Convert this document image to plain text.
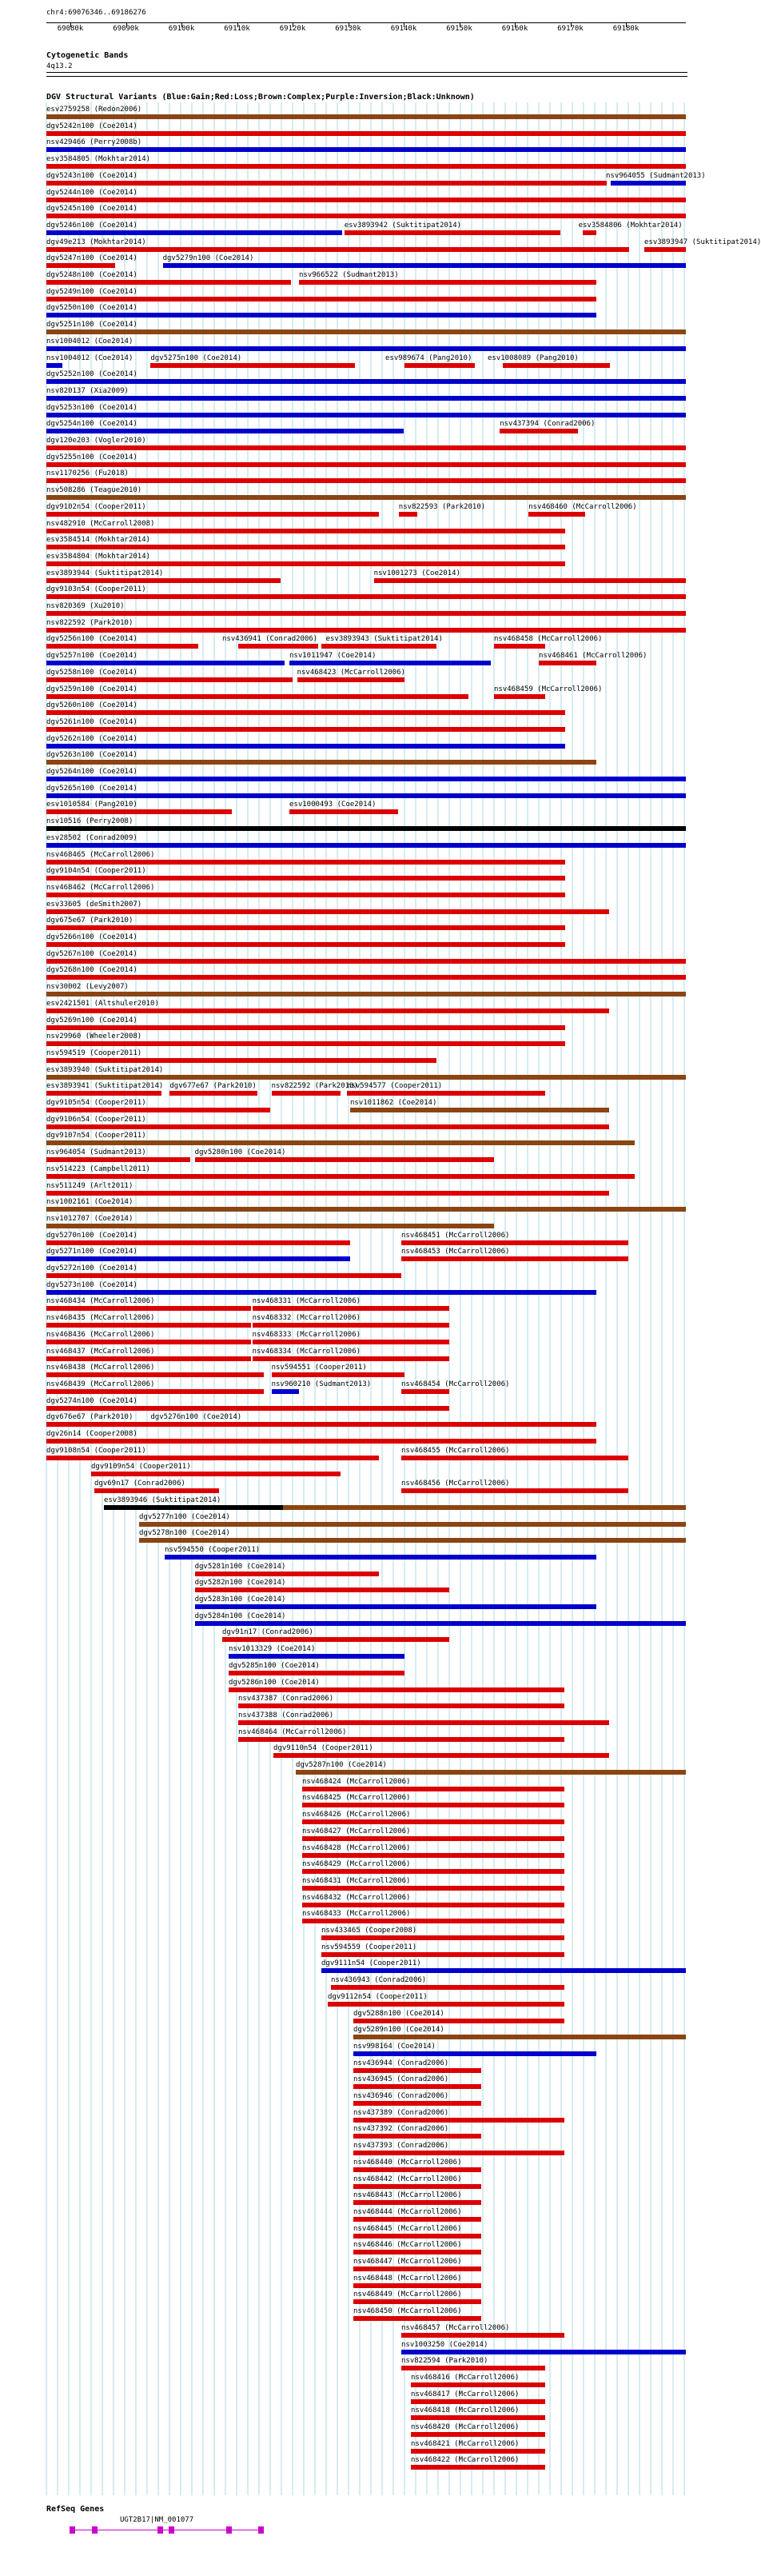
chr4:69076346..69186276
69080k	69090k	69100k	69110k	69120k	69130k	69140k	69150k	69160k	69170k	69180k
Cytogenetic Bands
4q13.2
DGV Structural Variants (Blue:Gain;Red:Loss;Brown:Complex;Purple:Inversion;Black:Unknown)
esv2759258 (Redon2006)
dgv5242n100 (Coe2014)
nsv429466 (Perry2008b)
esv3584805 (Mokhtar2014)
dgv5243n100 (Coe2014)	nsv964055 (Sudmant2013)
dgv5244n100 (Coe2014)
dgv5245n100 (Coe2014)
dgv5246n100 (Coe2014)	esv3893942 (Suktitipat2014)	esv3584806 (Mokhtar2014)
dgv49e213 (Mokhtar2014)	esv3893947 (Suktitipat2014)
dgv5247n100 (Coe2014)	dgv5279n100 (Coe2014)
dgv5248n100 (Coe2014)	nsv966522 (Sudmant2013)
dgv5249n100 (Coe2014)
dgv5250n100 (Coe2014)
dgv5251n100 (Coe2014)
nsv1004012 (Coe2014)
nsv1004012 (Coe2014) dgv5275n100 (Coe2014)	esv989674 (Pang2010) esv1008089 (Pang2010)
dgv5252n100 (Coe2014)
nsv820137 (Xia2009)
dgv5253n100 (Coe2014)
dgv5254n100 (Coe2014)	nsv437394 (Conrad2006)
dgv120e203 (Vogler2010)
dgv5255n100 (Coe2014)
nsv1170256 (Fu2018)
nsv508286 (Teague2010)
dgv9102n54 (Cooper2011)	nsv822593 (Park2010)	nsv468460 (McCarroll2006)
nsv482910 (McCarroll2008)
esv3584514 (Mokhtar2014)
esv3584804 (Mokhtar2014)
esv3893944 (Suktitipat2014)	nsv1001273 (Coe2014)
dgv9103n54 (Cooper2011)
nsv820369 (Xu2010)
nsv822592 (Park2010)
dgv5256n100 (Coe2014)	nsv436941 (Conrad2006) esv3893943 (Suktitipat2014)	nsv468458 (McCarroll2006)
dgv5257n100 (Coe2014)	nsv1011947 (Coe2014)	nsv468461 (McCarroll2006)
dgv5258n100 (Coe2014)	nsv468423 (McCarroll2006)
dgv5259n100 (Coe2014)	nsv468459 (McCarroll2006)
dgv5260n100 (Coe2014)
dgv5261n100 (Coe2014)
dgv5262n100 (Coe2014)
dgv5263n100 (Coe2014)
dgv5264n100 (Coe2014)
dgv5265n100 (Coe2014)
esv1010584 (Pang2010)	esv1000493 (Coe2014)
nsv10516 (Perry2008)
esv28502 (Conrad2009)
nsv468465 (McCarroll2006)
dgv9104n54 (Cooper2011)
nsv468462 (McCarroll2006)
esv33605 (deSmith2007)
dgv675e67 (Park2010)
dgv5266n100 (Coe2014)
dgv5267n100 (Coe2014)
dgv5268n100 (Coe2014)
nsv30002 (Levy2007)
esv2421501 (Altshuler2010)
dgv5269n100 (Coe2014)
nsv29960 (Wheeler2008)
nsv594519 (Cooper2011)
esv3893940 (Suktitipat2014)
esv3893941 (Suktitipat2014) dgv677e67 (Park2010) nsv822592 (Park2010)
nsv594577 (Cooper2011)
dgv9105n54 (Cooper2011)	nsv1011862 (Coe2014)
dgv9106n54 (Cooper2011)
dgv9107n54 (Cooper2011)
nsv964054 (Sudmant2013)	dgv5280n100 (Coe2014)
nsv514223 (Campbell2011)
nsv511249 (Arlt2011)
nsv1002161 (Coe2014)
nsv1012707 (Coe2014)
dgv5270n100 (Coe2014)	nsv468451 (McCarroll2006)
dgv5271n100 (Coe2014)	nsv468453 (McCarroll2006)
dgv5272n100 (Coe2014)
dgv5273n100 (Coe2014)
nsv468434 (McCarroll2006)	nsv468331 (McCarroll2006)
nsv468435 (McCarroll2006)	nsv468332 (McCarroll2006)
nsv468436 (McCarroll2006)	nsv468333 (McCarroll2006)
nsv468437 (McCarroll2006)	nsv468334 (McCarroll2006)
nsv468438 (McCarroll2006)	nsv594551 (Cooper2011)
nsv468439 (McCarroll2006)	nsv960210 (Sudmant2013)	nsv468454 (McCarroll2006)
dgv5274n100 (Coe2014)
dgv676e67 (Park2010) dgv5276n100 (Coe2014)
dgv26n14 (Cooper2008)
dgv9108n54 (Cooper2011)	nsv468455 (McCarroll2006)
dgv9109n54 (Cooper2011)
dgv69n17 (Conrad2006)	nsv468456 (McCarroll2006)
esv3893946 (Suktitipat2014)
dgv5277n100 (Coe2014)
dgv5278n100 (Coe2014)
nsv594550 (Cooper2011)
dgv5281n100 (Coe2014)
dgv5282n100 (Coe2014)
dgv5283n100 (Coe2014)
dgv5284n100 (Coe2014)
dgv91n17 (Conrad2006)
nsv1013329 (Coe2014)
dgv5285n100 (Coe2014)
dgv5286n100 (Coe2014)
nsv437387 (Conrad2006)
nsv437388 (Conrad2006)
nsv468464 (McCarroll2006)
dgv9110n54 (Cooper2011)
dgv5287n100 (Coe2014)
nsv468424 (McCarroll2006)
nsv468425 (McCarroll2006)
nsv468426 (McCarroll2006)
nsv468427 (McCarroll2006)
nsv468428 (McCarroll2006)
nsv468429 (McCarroll2006)
nsv468431 (McCarroll2006)
nsv468432 (McCarroll2006)
nsv468433 (McCarroll2006)
nsv433465 (Cooper2008)
nsv594559 (Cooper2011)
dgv9111n54 (Cooper2011)
nsv436943 (Conrad2006)
dgv9112n54 (Cooper2011)
dgv5288n100 (Coe2014)
dgv5289n100 (Coe2014)
nsv998164 (Coe2014)
nsv436944 (Conrad2006)
nsv436945 (Conrad2006)
nsv436946 (Conrad2006)
nsv437389 (Conrad2006)
nsv437392 (Conrad2006)
nsv437393 (Conrad2006)
nsv468440 (McCarroll2006)
nsv468442 (McCarroll2006)
nsv468443 (McCarroll2006)
nsv468444 (McCarroll2006)
nsv468445 (McCarroll2006)
nsv468446 (McCarroll2006)
nsv468447 (McCarroll2006)
nsv468448 (McCarroll2006)
nsv468449 (McCarroll2006)
nsv468450 (McCarroll2006)
nsv468457 (McCarroll2006)
nsv1003250 (Coe2014)
nsv822594 (Park2010)
nsv468416 (McCarroll2006)
nsv468417 (McCarroll2006)
nsv468418 (McCarroll2006)
nsv468420 (McCarroll2006)
nsv468421 (McCarroll2006)
nsv468422 (McCarroll2006)
RefSeq Genes
UGT2B17|NM_001077
